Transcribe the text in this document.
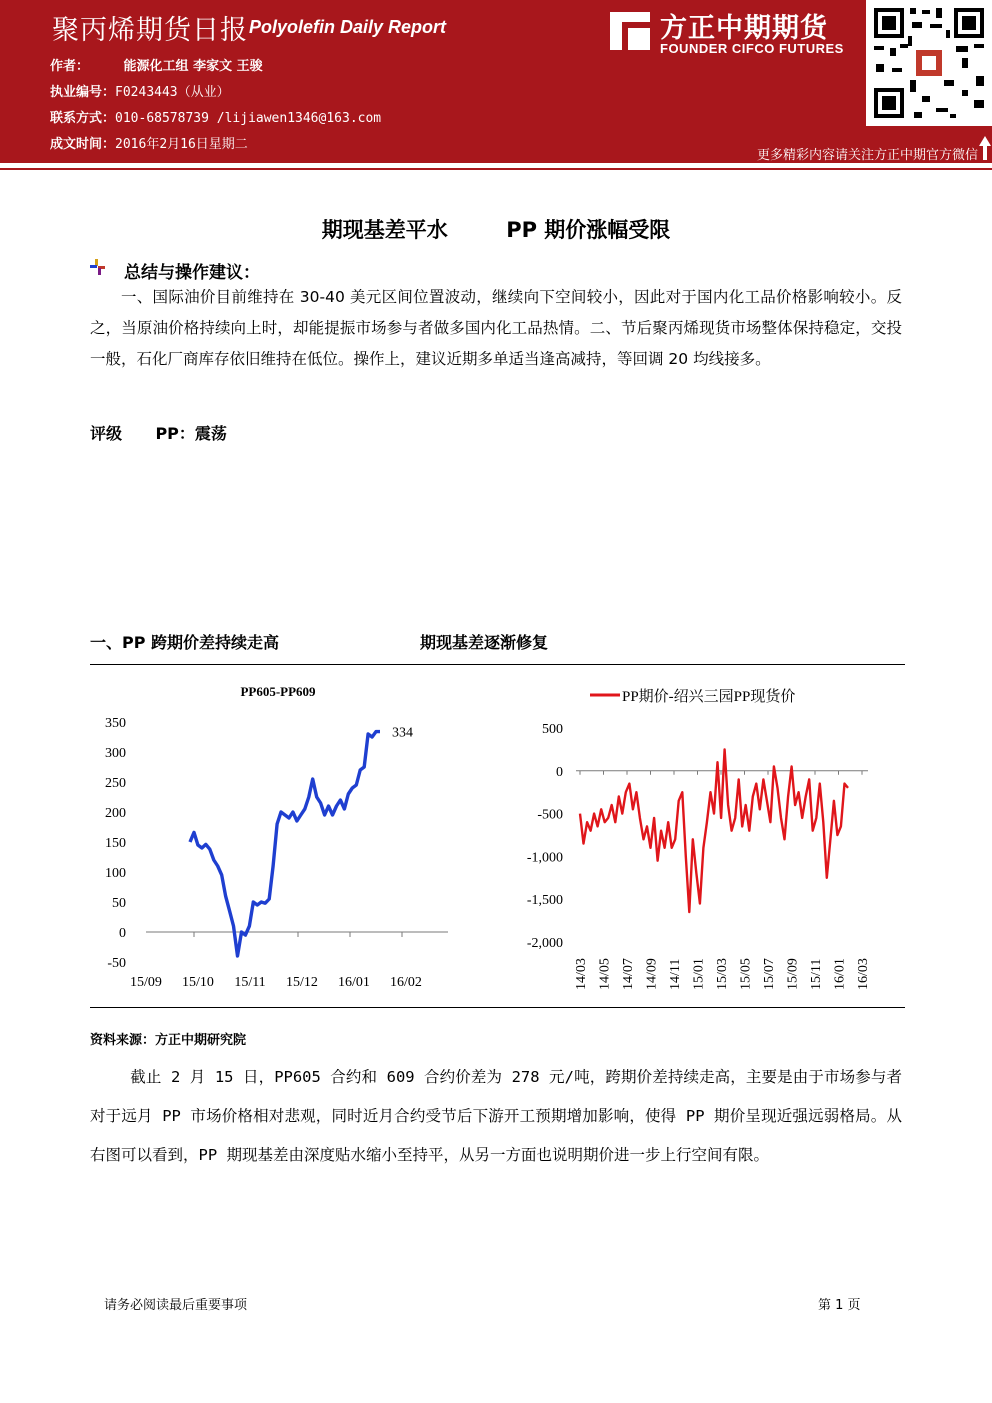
聚丙烯期货日报 Polyolefin Daily Report
作者：	能源化工组 李家文 王骏
执业编号：F0243443（从业）
联系方式：010-68578739 /lijiawen1346@163.com
成文时间：2016年2月16日星期二
方正中期期货
FOUNDER CIFCO FUTURES
更多精彩内容请关注方正中期官方微信
期现基差平水        PP 期价涨幅受限
总结与操作建议：
一、国际油价目前维持在 30-40 美元区间位置波动，继续向下空间较小，因此对于国内化工品价格影响较小。反之，当原油价格持续向上时，却能提振市场参与者做多国内化工品热情。二、节后聚丙烯现货市场整体保持稳定，交投一般，石化厂商库存依旧维持在低位。操作上，建议近期多单适当逢高减持，等回调 20 均线接多。
评级 PP：震荡
一、PP 跨期价差持续走高	期现基差逐渐修复
PP605-PP609
350
300
250
200
150
100
50
0
-50
15/09 15/10 15/11 15/12 16/01 16/02
334
PP期价-绍兴三园PP现货价
500
0
-500
-1,000
-1,500
-2,000
14/03 14/05 14/07 14/09 14/11 15/01 15/03 15/05 15/07 15/09 15/11 16/01 16/03
资料来源：方正中期研究院
截止 2 月 15 日，PP605 合约和 609 合约价差为 278 元/吨，跨期价差持续走高，主要是由于市场参与者对于远月 PP 市场价格相对悲观，同时近月合约受节后下游开工预期增加影响，使得 PP 期价呈现近强远弱格局。从右图可以看到，PP 期现基差由深度贴水缩小至持平，从另一方面也说明期价进一步上行空间有限。
请务必阅读最后重要事项	第 1 页
